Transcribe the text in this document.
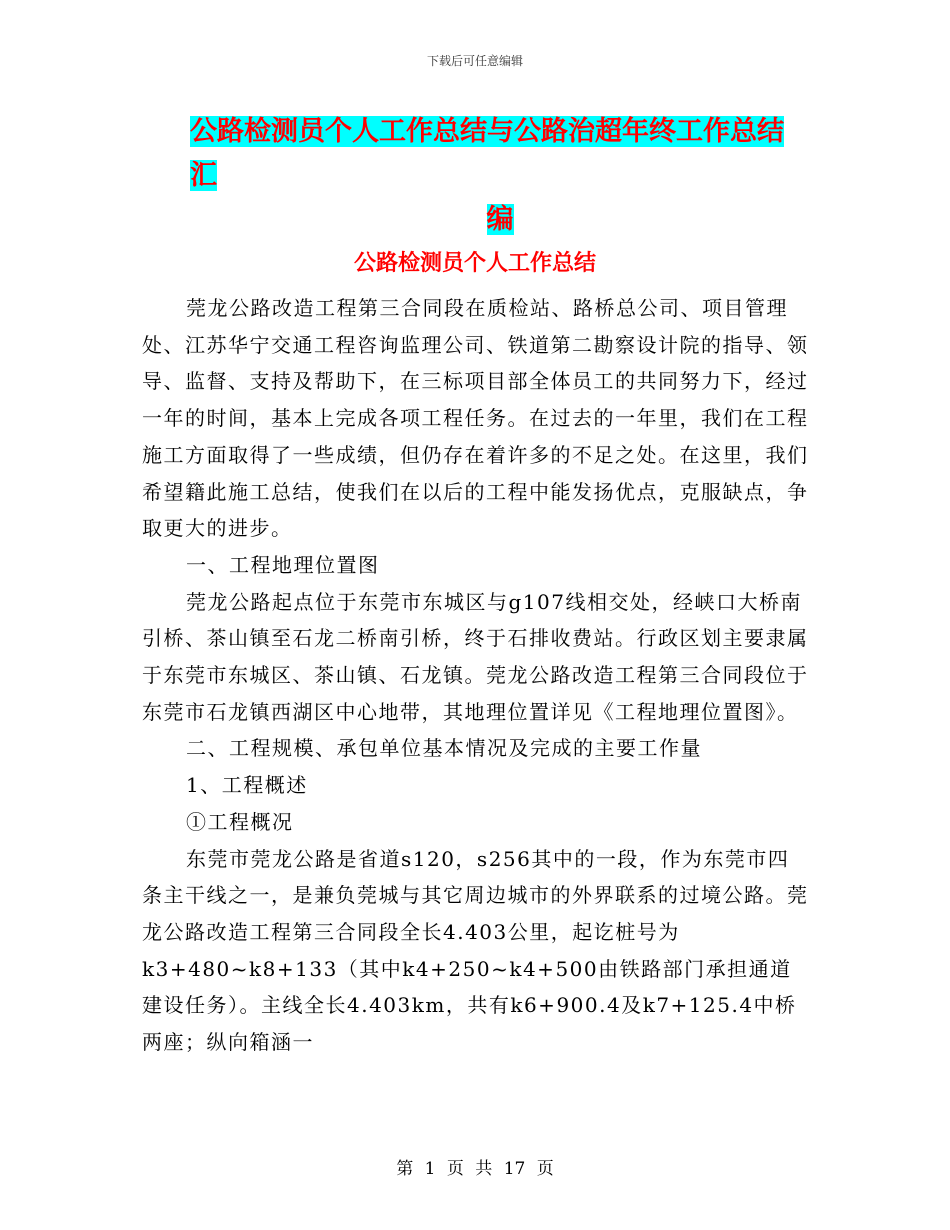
下载后可任意编辑
公路检测员个人工作总结与公路治超年终工作总结汇
编
公路检测员个人工作总结

莞龙公路改造工程第三合同段在质检站、路桥总公司、项目管理处、江苏华宁交通工程咨询监理公司、铁道第二勘察设计院的指导、领导、监督、支持及帮助下，在三标项目部全体员工的共同努力下，经过一年的时间，基本上完成各项工程任务。在过去的一年里，我们在工程施工方面取得了一些成绩，但仍存在着许多的不足之处。在这里，我们希望籍此施工总结，使我们在以后的工程中能发扬优点，克服缺点，争取更大的进步。

一、工程地理位置图

莞龙公路起点位于东莞市东城区与g107线相交处，经峡口大桥南引桥、茶山镇至石龙二桥南引桥，终于石排收费站。行政区划主要隶属于东莞市东城区、茶山镇、石龙镇。莞龙公路改造工程第三合同段位于东莞市石龙镇西湖区中心地带，其地理位置详见《工程地理位置图》。

二、工程规模、承包单位基本情况及完成的主要工作量

1、工程概述

①工程概况

东莞市莞龙公路是省道s120，s256其中的一段，作为东莞市四条主干线之一，是兼负莞城与其它周边城市的外界联系的过境公路。莞龙公路改造工程第三合同段全长4.403公里，起讫桩号为

k3+480~k8+133（其中k4+250~k4+500由铁路部门承担通道建设任务）。主线全长4.403km，共有k6+900.4及k7+125.4中桥两座；纵向箱涵一

第 1 页 共 17 页
